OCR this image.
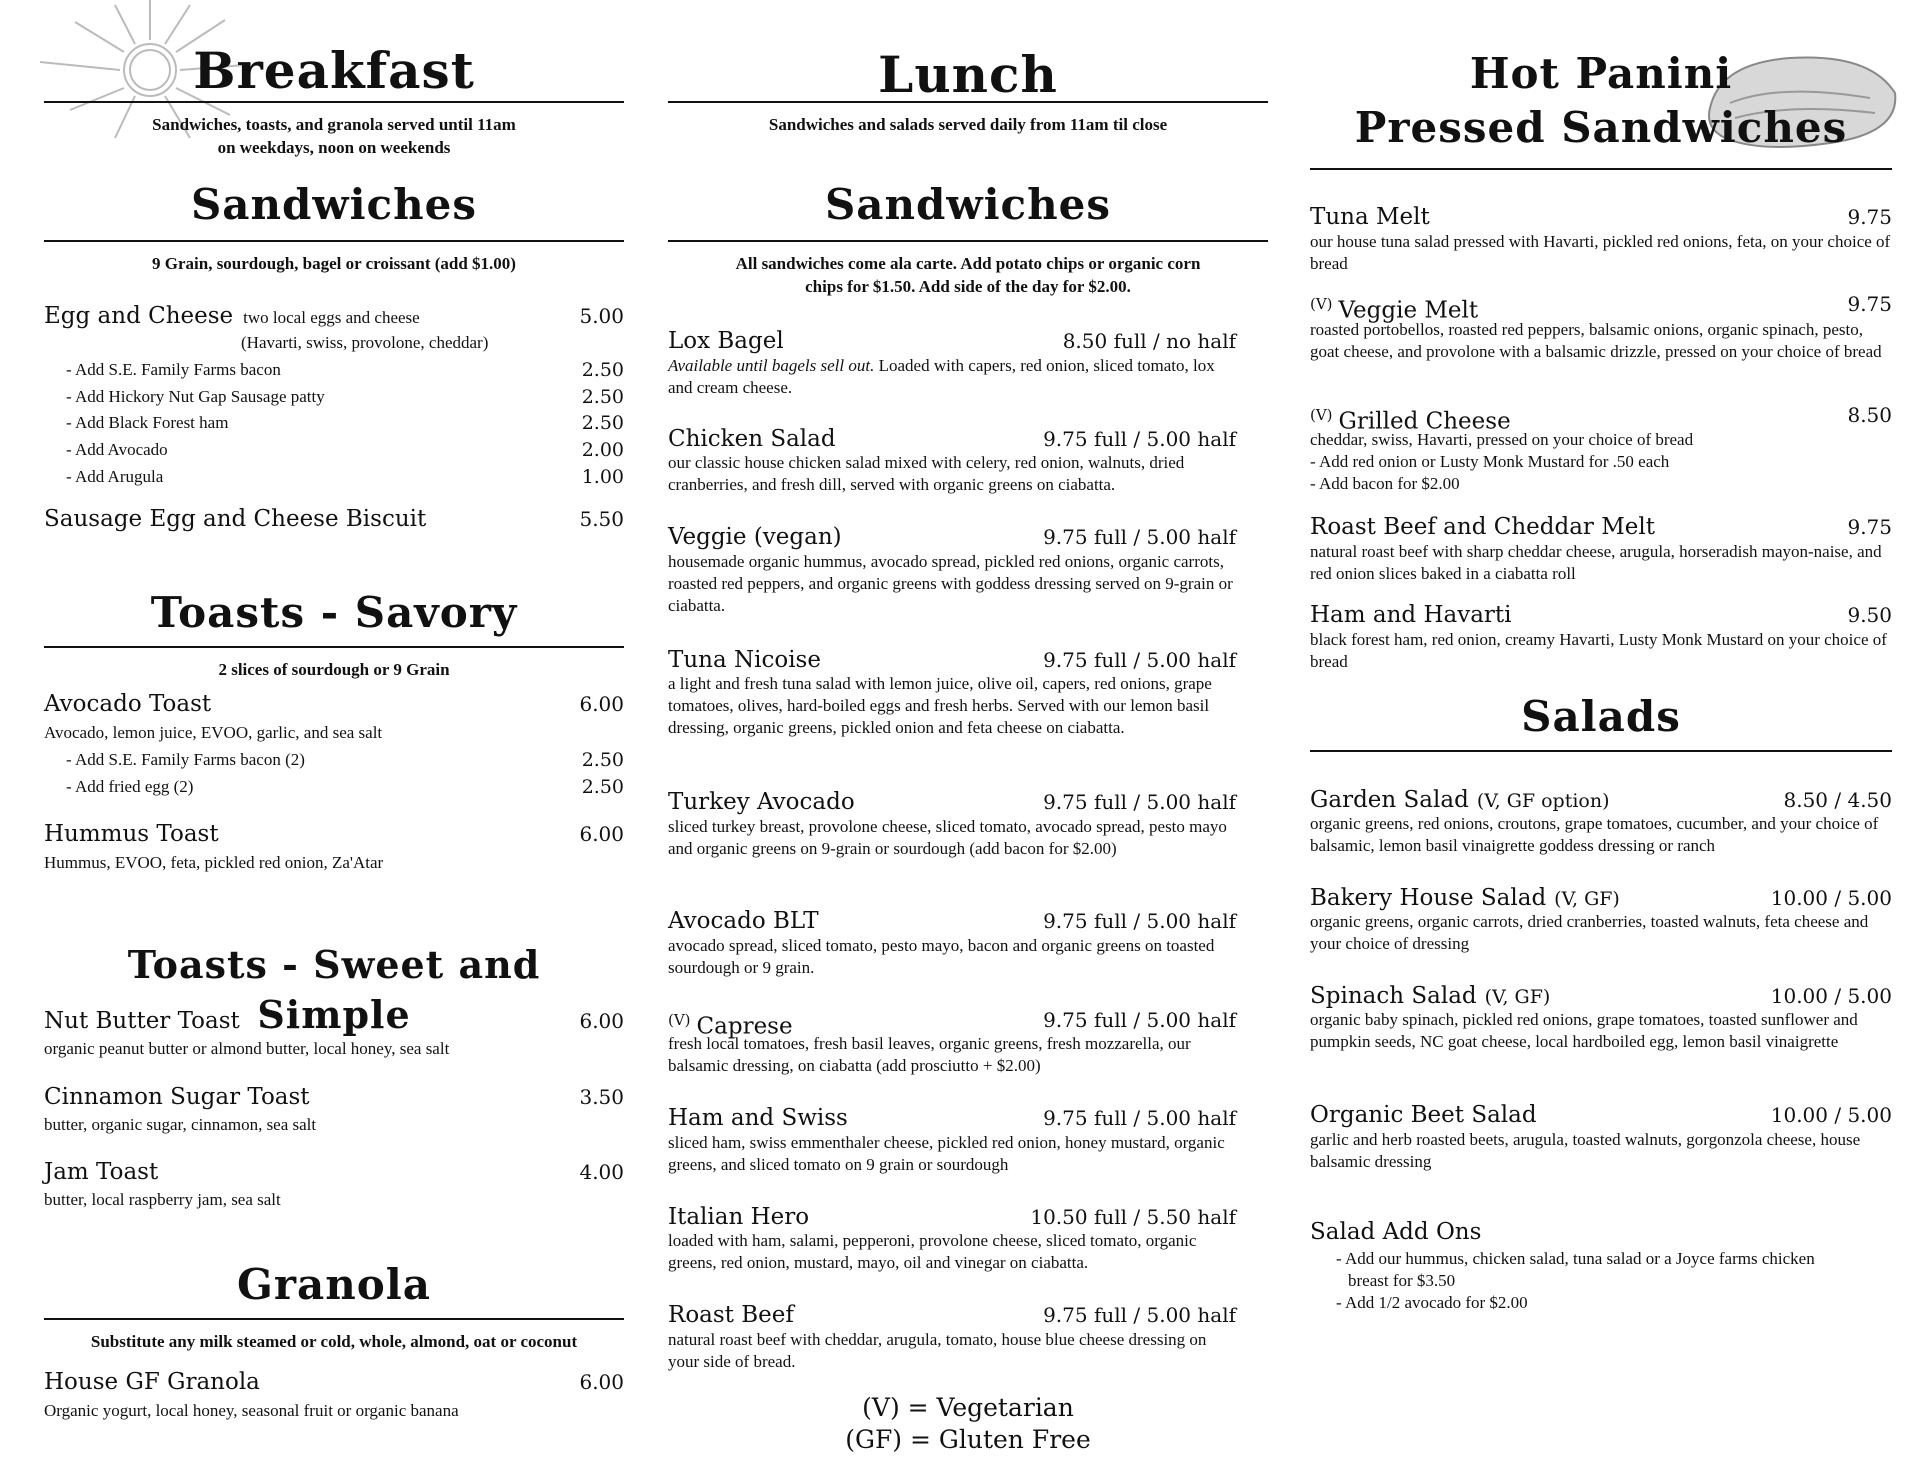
Breakfast
Sandwiches, toasts, and granola served until 11am
on weekdays, noon on weekends
Sandwiches
9 Grain, sourdough, bagel or croissant (add $1.00)
Egg and Cheese two local eggs and cheese	5.00
(Havarti, swiss, provolone, cheddar)
- Add S.E. Family Farms bacon	2.50
- Add Hickory Nut Gap Sausage patty	2.50
- Add Black Forest ham	2.50
- Add Avocado	2.00
- Add Arugula	1.00
Sausage Egg and Cheese Biscuit	5.50
Toasts - Savory
2 slices of sourdough or 9 Grain
Avocado Toast	6.00
Avocado, lemon juice, EVOO, garlic, and sea salt
- Add S.E. Family Farms bacon (2)	2.50
- Add fried egg (2)	2.50
Hummus Toast	6.00
Hummus, EVOO, feta, pickled red onion, Za'Atar
Toasts - Sweet and Simple
Nut Butter Toast	6.00
organic peanut butter or almond butter, local honey, sea salt
Cinnamon Sugar Toast	3.50
butter, organic sugar, cinnamon, sea salt
Jam Toast	4.00
butter, local raspberry jam, sea salt
Granola
Substitute any milk steamed or cold, whole, almond, oat or coconut
House GF Granola	6.00
Organic yogurt, local honey, seasonal fruit or organic banana
Lunch
Sandwiches and salads served daily from 11am til close
Sandwiches
All sandwiches come ala carte. Add potato chips or organic corn
chips for $1.50. Add side of the day for $2.00.
Lox Bagel	8.50 full / no half
Available until bagels sell out. Loaded with capers, red onion, sliced tomato, lox and cream cheese.
Chicken Salad	9.75 full / 5.00 half
our classic house chicken salad mixed with celery, red onion, walnuts, dried cranberries, and fresh dill, served with organic greens on ciabatta.
Veggie (vegan)	9.75 full / 5.00 half
housemade organic hummus, avocado spread, pickled red onions, organic carrots, roasted red peppers, and organic greens with goddess dressing served on 9-grain or ciabatta.
Tuna Nicoise	9.75 full / 5.00 half
a light and fresh tuna salad with lemon juice, olive oil, capers, red onions, grape tomatoes, olives, hard-boiled eggs and fresh herbs. Served with our lemon basil dressing, organic greens, pickled onion and feta cheese on ciabatta.
Turkey Avocado	9.75 full / 5.00 half
sliced turkey breast, provolone cheese, sliced tomato, avocado spread, pesto mayo and organic greens on 9-grain or sourdough (add bacon for $2.00)
Avocado BLT	9.75 full / 5.00 half
avocado spread, sliced tomato, pesto mayo, bacon and organic greens on toasted sourdough or 9 grain.
$^{(V)}$ Caprese	9.75 full / 5.00 half
fresh local tomatoes, fresh basil leaves, organic greens, fresh mozzarella, our balsamic dressing, on ciabatta (add prosciutto + $2.00)
Ham and Swiss	9.75 full / 5.00 half
sliced ham, swiss emmenthaler cheese, pickled red onion, honey mustard, organic greens, and sliced tomato on 9 grain or sourdough
Italian Hero	10.50 full / 5.50 half
loaded with ham, salami, pepperoni, provolone cheese, sliced tomato, organic greens, red onion, mustard, mayo, oil and vinegar on ciabatta.
Roast Beef	9.75 full / 5.00 half
natural roast beef with cheddar, arugula, tomato, house blue cheese dressing on your side of bread.
(V) = Vegetarian
(GF) = Gluten Free
Hot Panini
Pressed Sandwiches
Tuna Melt	9.75
our house tuna salad pressed with Havarti, pickled red onions, feta, on your choice of bread
$^{(V)}$ Veggie Melt	9.75
roasted portobellos, roasted red peppers, balsamic onions, organic spinach, pesto, goat cheese, and provolone with a balsamic drizzle, pressed on your choice of bread
$^{(V)}$ Grilled Cheese	8.50
cheddar, swiss, Havarti, pressed on your choice of bread
- Add red onion or Lusty Monk Mustard for .50 each
- Add bacon for $2.00
Roast Beef and Cheddar Melt	9.75
natural roast beef with sharp cheddar cheese, arugula, horseradish mayon-naise, and red onion slices baked in a ciabatta roll
Ham and Havarti	9.50
black forest ham, red onion, creamy Havarti, Lusty Monk Mustard on your choice of bread
Salads
Garden Salad (V, GF option)	8.50 / 4.50
organic greens, red onions, croutons, grape tomatoes, cucumber, and your choice of balsamic, lemon basil vinaigrette goddess dressing or ranch
Bakery House Salad (V, GF)	10.00 / 5.00
organic greens, organic carrots, dried cranberries, toasted walnuts, feta cheese and your choice of dressing
Spinach Salad (V, GF)	10.00 / 5.00
organic baby spinach, pickled red onions, grape tomatoes, toasted sunflower and pumpkin seeds, NC goat cheese, local hardboiled egg, lemon basil vinaigrette
Organic Beet Salad	10.00 / 5.00
garlic and herb roasted beets, arugula, toasted walnuts, gorgonzola cheese, house balsamic dressing
Salad Add Ons
- Add our hummus, chicken salad, tuna salad or a Joyce farms chicken
breast for $3.50
- Add 1/2 avocado for $2.00
